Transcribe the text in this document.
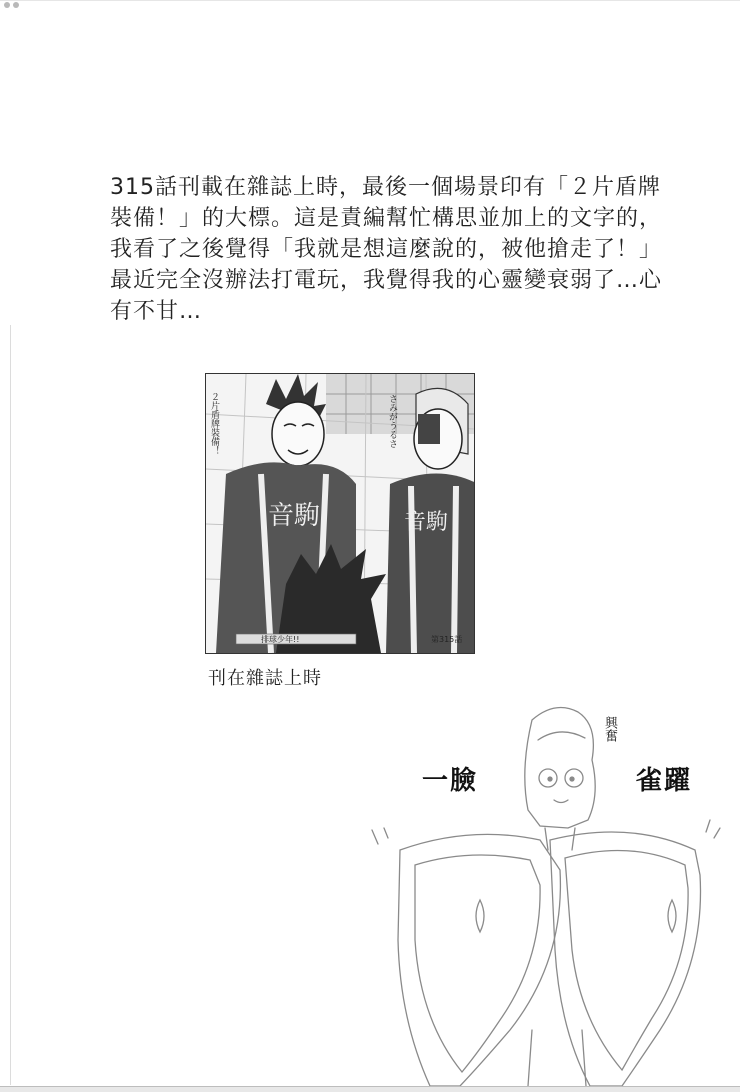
315話刊載在雜誌上時，最後一個場景印有「２片盾牌

裝備！」的大標。這是責編幫忙構思並加上的文字的，

我看了之後覺得「我就是想這麼說的，被他搶走了！」

最近完全沒辦法打電玩，我覺得我的心靈變衰弱了…心

有不甘…

音駒	音駒
２片盾牌裝備！	さみがうるさ
排球少年!!	第315話
刊在雜誌上時
一臉	雀躍
興奮
